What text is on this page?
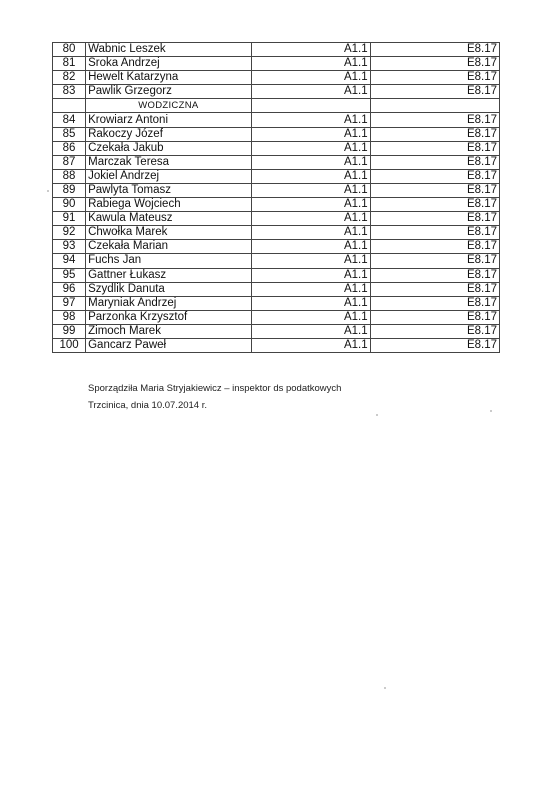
80	Wabnic Leszek	A1.1	E8.17
81	Sroka Andrzej	A1.1	E8.17
82	Hewelt Katarzyna	A1.1	E8.17
83	Pawlik Grzegorz	A1.1	E8.17
	WODZICZNA		
84	Krowiarz Antoni	A1.1	E8.17
85	Rakoczy Józef	A1.1	E8.17
86	Czekała Jakub	A1.1	E8.17
87	Marczak Teresa	A1.1	E8.17
88	Jokiel Andrzej	A1.1	E8.17
89	Pawlyta Tomasz	A1.1	E8.17
90	Rabiega Wojciech	A1.1	E8.17
91	Kawula Mateusz	A1.1	E8.17
92	Chwołka Marek	A1.1	E8.17
93	Czekała Marian	A1.1	E8.17
94	Fuchs Jan	A1.1	E8.17
95	Gattner Łukasz	A1.1	E8.17
96	Szydlik Danuta	A1.1	E8.17
97	Maryniak Andrzej	A1.1	E8.17
98	Parzonka Krzysztof	A1.1	E8.17
99	Zimoch Marek	A1.1	E8.17
100	Gancarz Paweł	A1.1	E8.17
Sporządziła Maria Stryjakiewicz – inspektor ds podatkowych
Trzcinica, dnia 10.07.2014 r.
